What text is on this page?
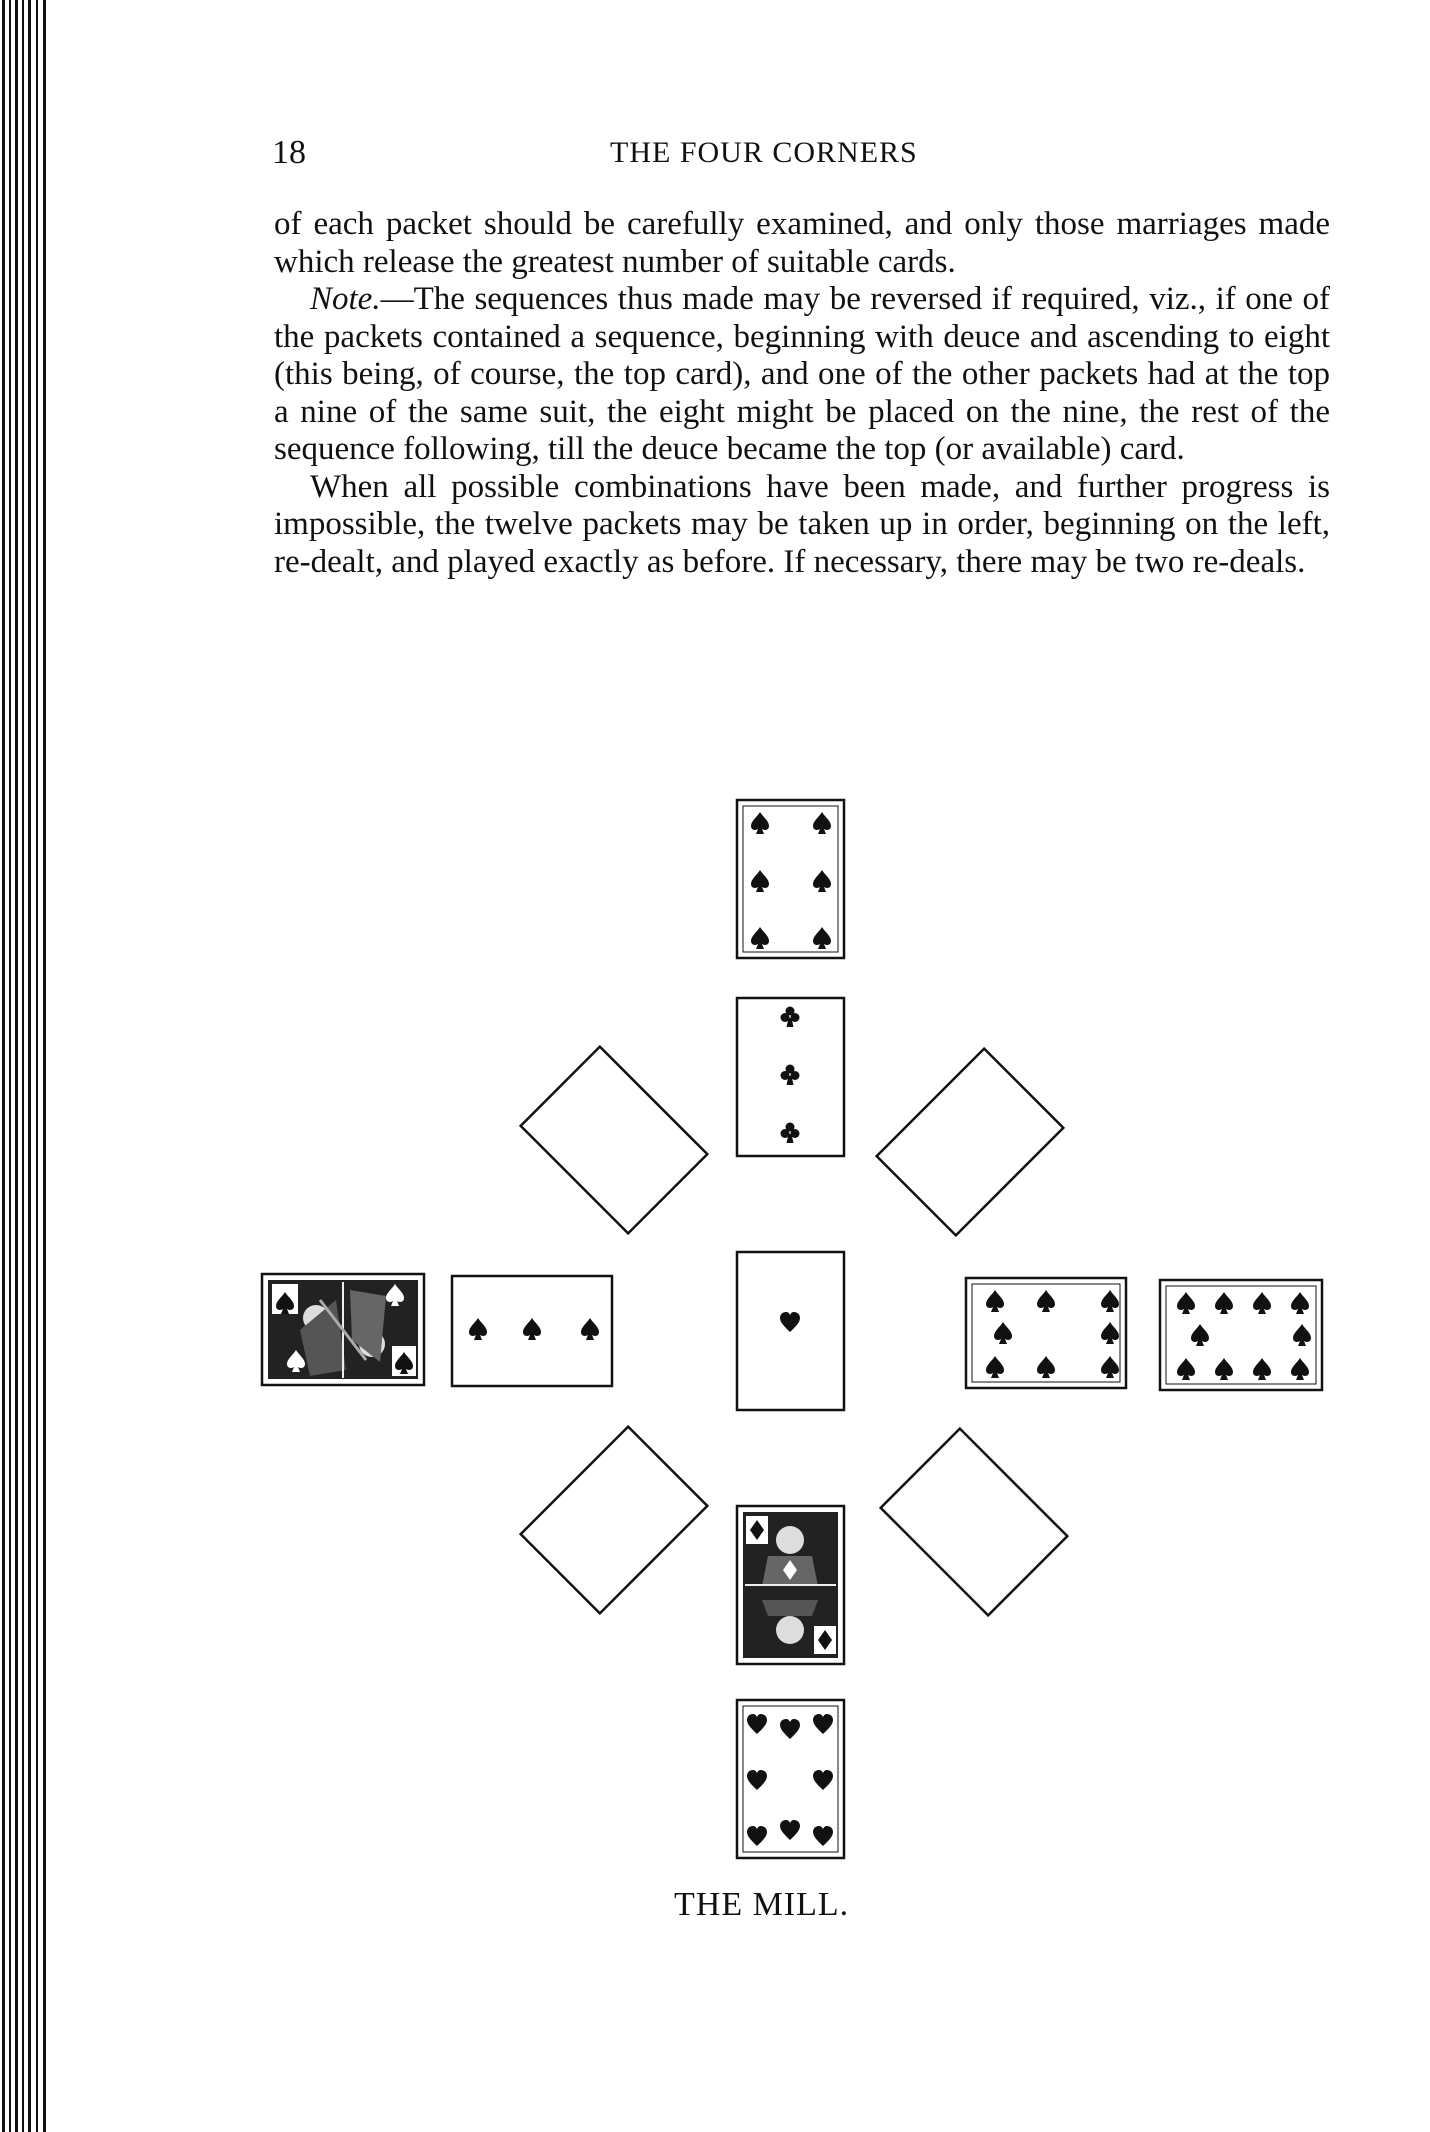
18	THE FOUR CORNERS

of each packet should be carefully examined, and only those marriages made which release the greatest number of suitable cards.

Note.—The sequences thus made may be reversed if required, viz., if one of the packets contained a sequence, beginning with deuce and ascending to eight (this being, of course, the top card), and one of the other packets had at the top a nine of the same suit, the eight might be placed on the nine, the rest of the sequence following, till the deuce became the top (or available) card.

When all possible combinations have been made, and further progress is impossible, the twelve packets may be taken up in order, beginning on the left, re-dealt, and played exactly as before. If necessary, there may be two re-deals.

THE MILL.
